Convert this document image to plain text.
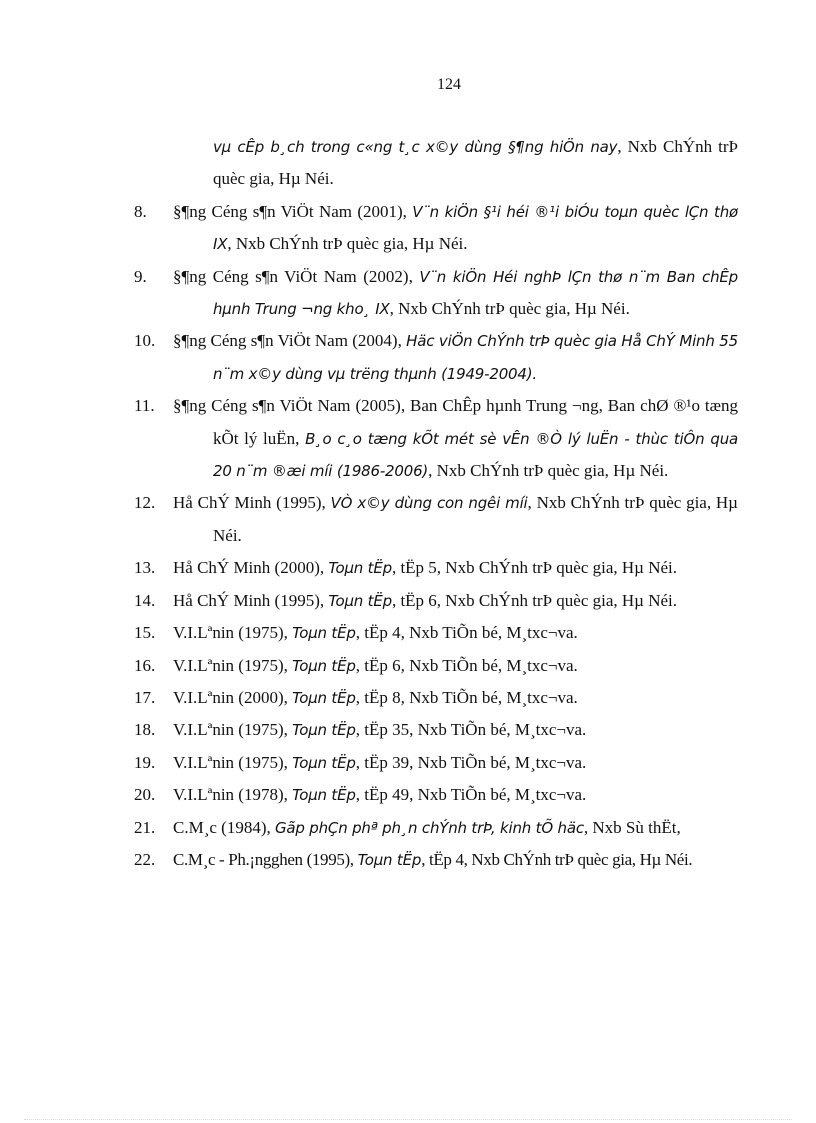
124
vµ cÊp b¸ch trong c«ng t¸c x©y dùng §¶ng hiÖn nay, Nxb ChÝnh trÞ quèc gia, Hµ Néi.
8.	§¶ng Céng s¶n ViÖt Nam (2001), V¨n kiÖn §¹i héi ®¹i biÓu toµn quèc lÇn thø IX, Nxb ChÝnh trÞ quèc gia, Hµ Néi.
9.	§¶ng Céng s¶n ViÖt Nam (2002), V¨n kiÖn Héi nghÞ lÇn thø n¨m Ban chÊp hµnh Trung ¬ng kho¸ IX, Nxb ChÝnh trÞ quèc gia, Hµ Néi.
10.	§¶ng Céng s¶n ViÖt Nam (2004), Häc viÖn ChÝnh trÞ quèc gia Hå ChÝ Minh 55 n¨m x©y dùng vµ trëng thµnh (1949-2004).
11.	§¶ng Céng s¶n ViÖt Nam (2005), Ban ChÊp hµnh Trung ¬ng, Ban chØ ®¹o tæng kÕt lý luËn, B¸o c¸o tæng kÕt mét sè vÊn ®Ò lý luËn - thùc tiÔn qua 20 n¨m ®æi míi (1986-2006), Nxb ChÝnh trÞ quèc gia, Hµ Néi.
12.	Hå ChÝ Minh (1995), VÒ x©y dùng con ngêi míi, Nxb ChÝnh trÞ quèc gia, Hµ Néi.
13.	Hå ChÝ Minh (2000), Toµn tËp, tËp 5, Nxb ChÝnh trÞ quèc gia, Hµ Néi.
14.	Hå ChÝ Minh (1995), Toµn tËp, tËp 6, Nxb ChÝnh trÞ quèc gia, Hµ Néi.
15.	V.I.Lªnin (1975), Toµn tËp, tËp 4, Nxb TiÕn bé, M¸txc¬va.
16.	V.I.Lªnin (1975), Toµn tËp, tËp 6, Nxb TiÕn bé, M¸txc¬va.
17.	V.I.Lªnin (2000), Toµn tËp, tËp 8, Nxb TiÕn bé, M¸txc¬va.
18.	V.I.Lªnin (1975), Toµn tËp, tËp 35, Nxb TiÕn bé, M¸txc¬va.
19.	V.I.Lªnin (1975), Toµn tËp, tËp 39, Nxb TiÕn bé, M¸txc¬va.
20.	V.I.Lªnin (1978), Toµn tËp, tËp 49, Nxb TiÕn bé, M¸txc¬va.
21.	C.M¸c (1984), Gãp phÇn phª ph¸n chÝnh trÞ, kinh tÕ häc, Nxb Sù thËt,
22.	C.M¸c - Ph.¡ngghen (1995), Toµn tËp, tËp 4, Nxb ChÝnh trÞ quèc gia, Hµ Néi.
